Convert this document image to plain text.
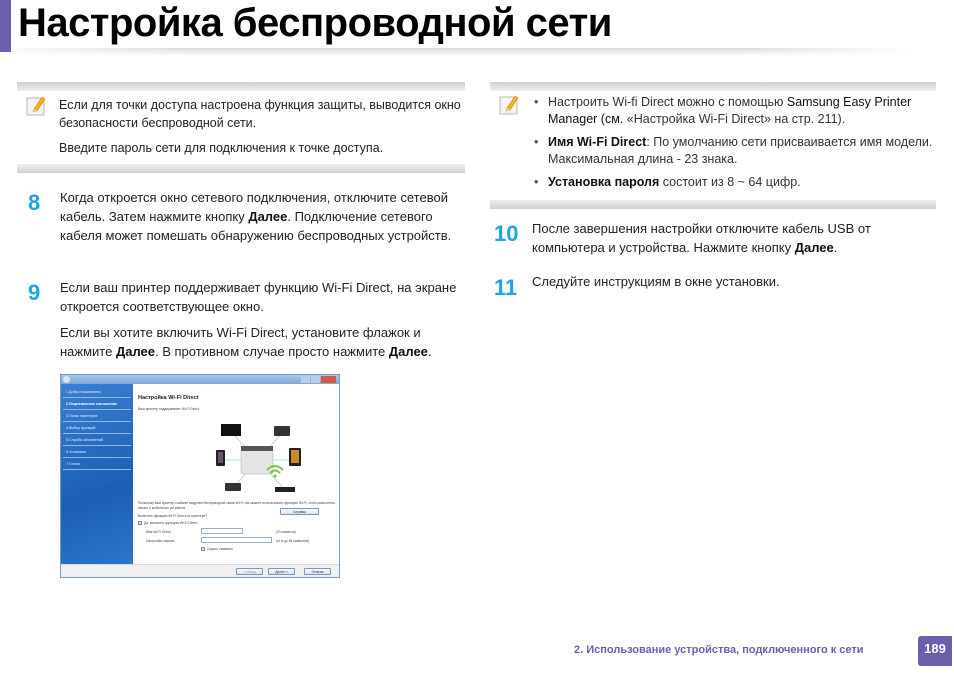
Настройка беспроводной сети

Если для точки доступа настроена функция защиты, выводится окно безопасности беспроводной сети.

Введите пароль сети для подключения к точке доступа.

8 Когда откроется окно сетевого подключения, отключите сетевой кабель. Затем нажмите кнопку Далее. Подключение сетевого кабеля может помешать обнаружению беспроводных устройств.

9 Если ваш принтер поддерживает функцию Wi-Fi Direct, на экране откроется соответствующее окно.

Если вы хотите включить Wi-Fi Direct, установите флажок и нажмите Далее. В противном случае просто нажмите Далее.

1.Добро пожаловать!
2.Лицензионное соглашение
3.Поиск принтеров
4.Выбор функций
5.Служба обновлений
6.Установка
7.Готово
Настройка Wi-Fi Direct
Ваш принтер поддерживает Wi-Fi Direct.
Поскольку ваш принтер снабжен модулем беспроводной связи Wi-Fi, вы можете использовать функцию Wi-Fi, чтобы выполнять печать с мобильных устройств.
Включить функцию Wi-Fi Direct на принтере?
Да, включить функцию Wi-Fi Direct.
Справка
Имя Wi-Fi Direct:	(23 символа)
Настройка пароля:	(от 8 до 64 символов)
Скрыть символы
< Назад	Далее >	Отмена
• Настроить Wi-fi Direct можно с помощью Samsung Easy Printer Manager (см. «Настройка Wi-Fi Direct» на стр. 211).
• Имя Wi-Fi Direct: По умолчанию сети присваивается имя модели. Максимальная длина - 23 знака.
• Установка пароля состоит из 8 ~ 64 цифр.
10 После завершения настройки отключите кабель USB от компьютера и устройства. Нажмите кнопку Далее.

11 Следуйте инструкциям в окне установки.

2. Использование устройства, подключенного к сети	189
